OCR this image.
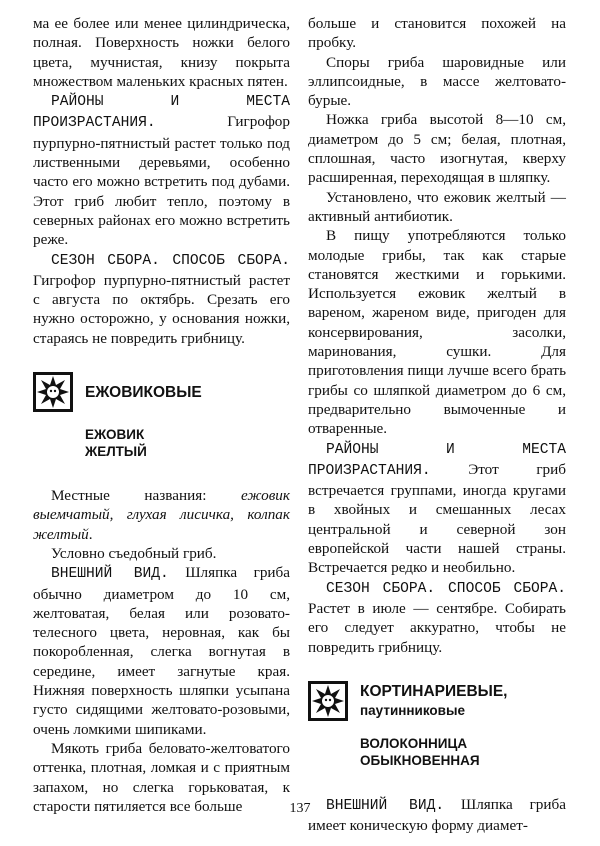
ма ее более или менее цилиндрическа, полная. Поверхность ножки белого цвета, мучнистая, книзу покрыта множеством маленьких красных пятен.

РАЙОНЫ И МЕСТА ПРОИЗРАСТАНИЯ. Гигрофор пурпурно-пятнистый растет только под лиственными деревьями, особенно часто его можно встретить под дубами. Этот гриб любит тепло, поэтому в северных районах его можно встретить реже.

СЕЗОН СБОРА. СПОСОБ СБОРА. Гигрофор пурпурно-пятнистый растет с августа по октябрь. Срезать его нужно осторожно, у основания ножки, стараясь не повредить грибницу.

ЕЖОВИКОВЫЕ
ЕЖОВИК
ЖЕЛТЫЙ

Местные названия: ежовик выемчатый, глухая лисичка, колпак желтый.

Условно съедобный гриб.

ВНЕШНИЙ ВИД. Шляпка гриба обычно диаметром до 10 см, желтоватая, белая или розовато-телесного цвета, неровная, как бы покоробленная, слегка вогнутая в середине, имеет загнутые края. Нижняя поверхность шляпки усыпана густо сидящими желтовато-розовыми, очень ломкими шипиками.

Мякоть гриба беловато-желтоватого оттенка, плотная, ломкая и с приятным запахом, но слегка горьковатая, к старости пятиляется все больше

больше и становится похожей на пробку.

Споры гриба шаровидные или эллипсоидные, в массе желтовато-бурые.

Ножка гриба высотой 8—10 см, диаметром до 5 см; белая, плотная, сплошная, часто изогнутая, кверху расширенная, переходящая в шляпку.

Установлено, что ежовик желтый — активный антибиотик.

В пищу употребляются только молодые грибы, так как старые становятся жесткими и горькими. Используется ежовик желтый в вареном, жареном виде, пригоден для консервирования, засолки, маринования, сушки. Для приготовления пищи лучше всего брать грибы со шляпкой диаметром до 6 см, предварительно вымоченные и отваренные.

РАЙОНЫ И МЕСТА ПРОИЗРАСТАНИЯ. Этот гриб встречается группами, иногда кругами в хвойных и смешанных лесах центральной и северной зон европейской части нашей страны. Встречается редко и необильно.

СЕЗОН СБОРА. СПОСОБ СБОРА. Растет в июле — сентябре. Собирать его следует аккуратно, чтобы не повредить грибницу.

КОРТИНАРИЕВЫЕ,
паутинниковые
ВОЛОКОННИЦА
ОБЫКНОВЕННАЯ

ВНЕШНИЙ ВИД. Шляпка гриба имеет коническую форму диамет-

137
